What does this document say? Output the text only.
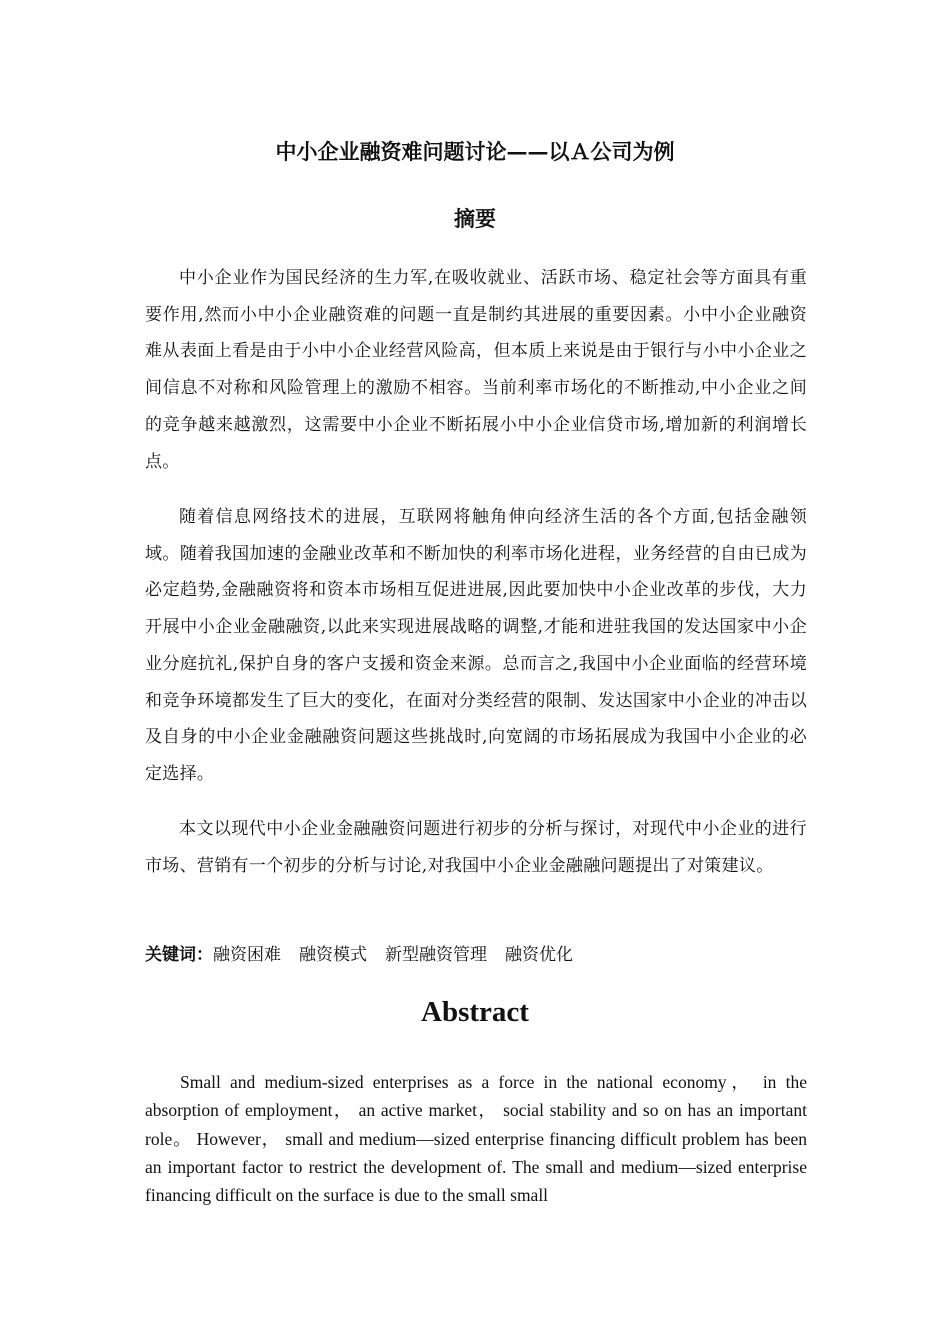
中小企业融资难问题讨论——以Ａ公司为例
摘要

中小企业作为国民经济的生力军,在吸收就业、活跃市场、稳定社会等方面具有重要作用,然而小中小企业融资难的问题一直是制约其进展的重要因素。小中小企业融资难从表面上看是由于小中小企业经营风险高，但本质上来说是由于银行与小中小企业之间信息不对称和风险管理上的激励不相容。当前利率市场化的不断推动,中小企业之间的竞争越来越激烈，这需要中小企业不断拓展小中小企业信贷市场,增加新的利润增长点。

随着信息网络技术的进展，互联网将触角伸向经济生活的各个方面,包括金融领域。随着我国加速的金融业改革和不断加快的利率市场化进程，业务经营的自由已成为必定趋势,金融融资将和资本市场相互促进进展,因此要加快中小企业改革的步伐，大力开展中小企业金融融资,以此来实现进展战略的调整,才能和进驻我国的发达国家中小企业分庭抗礼,保护自身的客户支援和资金来源。总而言之,我国中小企业面临的经营环境和竞争环境都发生了巨大的变化，在面对分类经营的限制、发达国家中小企业的冲击以及自身的中小企业金融融资问题这些挑战时,向宽阔的市场拓展成为我国中小企业的必定选择。

本文以现代中小企业金融融资问题进行初步的分析与探讨，对现代中小企业的进行市场、营销有一个初步的分析与讨论,对我国中小企业金融融问题提出了对策建议。

关键词：融资困难 融资模式 新型融资管理 融资优化

Abstract

Small and medium-sized enterprises as a force in the national economy， in the absorption of employment， an active market， social stability and so on has an important role。 However， small and medium—sized enterprise financing difficult problem has been an important factor to restrict the development of. The small and medium—sized enterprise financing difficult on the surface is due to the small small
